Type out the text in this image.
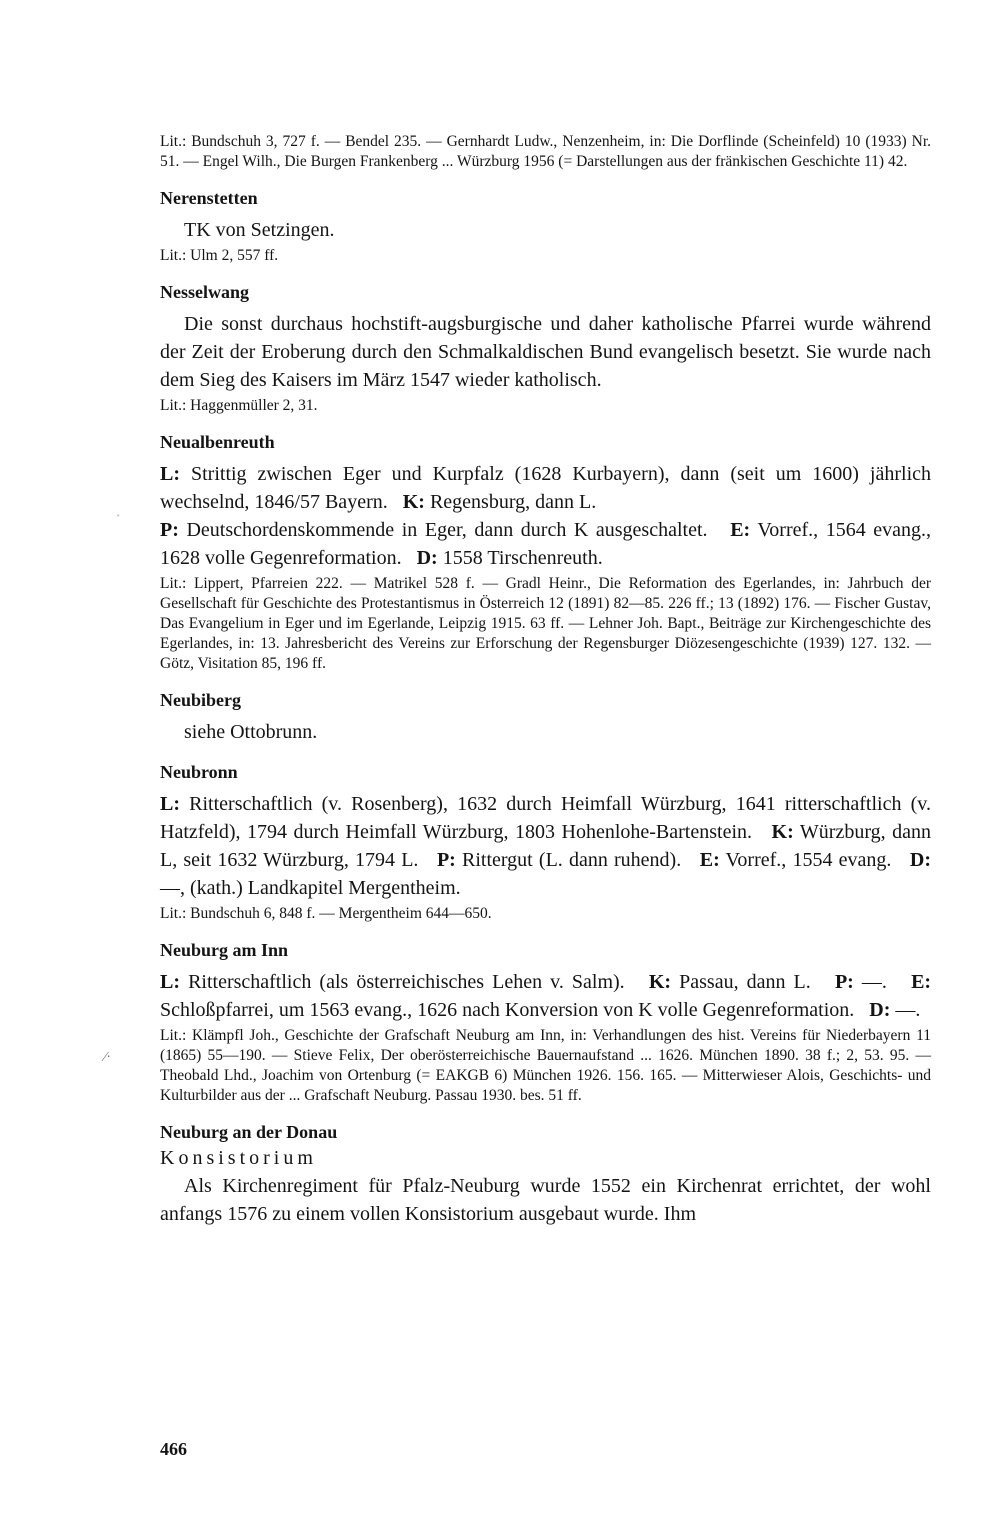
Lit.: Bundschuh 3, 727 f. — Bendel 235. — Gernhardt Ludw., Nenzenheim, in: Die Dorflinde (Scheinfeld) 10 (1933) Nr. 51. — Engel Wilh., Die Burgen Frankenberg ... Würzburg 1956 (= Darstellungen aus der fränkischen Geschichte 11) 42.

Nerenstetten

TK von Setzingen.

Lit.: Ulm 2, 557 ff.

Nesselwang

Die sonst durchaus hochstift-augsburgische und daher katholische Pfarrei wurde während der Zeit der Eroberung durch den Schmalkaldischen Bund evangelisch besetzt. Sie wurde nach dem Sieg des Kaisers im März 1547 wieder katholisch.

Lit.: Haggenmüller 2, 31.

Neualbenreuth

L: Strittig zwischen Eger und Kurpfalz (1628 Kurbayern), dann (seit um 1600) jährlich wechselnd, 1846/57 Bayern. K: Regensburg, dann L.
P: Deutschordenskommende in Eger, dann durch K ausgeschaltet. E: Vorref., 1564 evang., 1628 volle Gegenreformation. D: 1558 Tirschenreuth.

Lit.: Lippert, Pfarreien 222. — Matrikel 528 f. — Gradl Heinr., Die Reformation des Egerlandes, in: Jahrbuch der Gesellschaft für Geschichte des Protestantismus in Österreich 12 (1891) 82—85. 226 ff.; 13 (1892) 176. — Fischer Gustav, Das Evangelium in Eger und im Egerlande, Leipzig 1915. 63 ff. — Lehner Joh. Bapt., Beiträge zur Kirchengeschichte des Egerlandes, in: 13. Jahresbericht des Vereins zur Erforschung der Regensburger Diözesengeschichte (1939) 127. 132. — Götz, Visitation 85, 196 ff.

Neubiberg

siehe Ottobrunn.

Neubronn

L: Ritterschaftlich (v. Rosenberg), 1632 durch Heimfall Würzburg, 1641 ritterschaftlich (v. Hatzfeld), 1794 durch Heimfall Würzburg, 1803 Hohenlohe-Bartenstein. K: Würzburg, dann L, seit 1632 Würzburg, 1794 L. P: Rittergut (L. dann ruhend). E: Vorref., 1554 evang. D: —, (kath.) Landkapitel Mergentheim.

Lit.: Bundschuh 6, 848 f. — Mergentheim 644—650.

Neuburg am Inn

L: Ritterschaftlich (als österreichisches Lehen v. Salm). K: Passau, dann L. P: —. E: Schloßpfarrei, um 1563 evang., 1626 nach Konversion von K volle Gegenreformation. D: —.

Lit.: Klämpfl Joh., Geschichte der Grafschaft Neuburg am Inn, in: Verhandlungen des hist. Vereins für Niederbayern 11 (1865) 55—190. — Stieve Felix, Der oberösterreichische Bauernaufstand ... 1626. München 1890. 38 f.; 2, 53. 95. — Theobald Lhd., Joachim von Ortenburg (= EAKGB 6) München 1926. 156. 165. — Mitterwieser Alois, Geschichts- und Kulturbilder aus der ... Grafschaft Neuburg. Passau 1930. bes. 51 ff.

Neuburg an der Donau

Konsistorium

Als Kirchenregiment für Pfalz-Neuburg wurde 1552 ein Kirchenrat errichtet, der wohl anfangs 1576 zu einem vollen Konsistorium ausgebaut wurde. Ihm

´
⁄·
466
